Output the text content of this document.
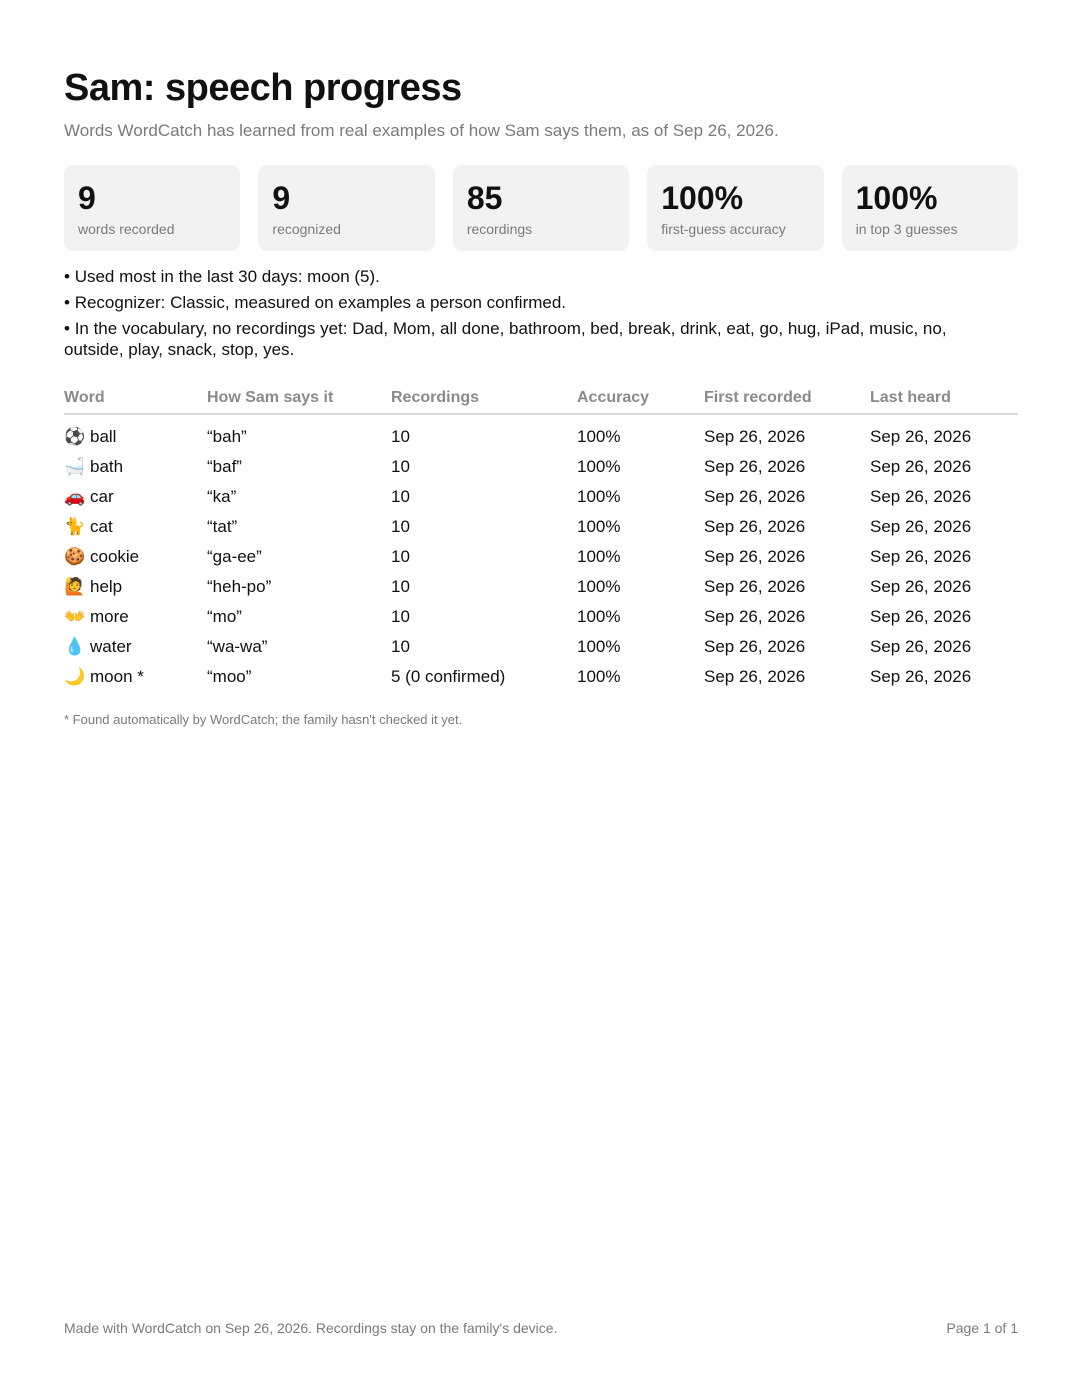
Sam: speech progress

Words WordCatch has learned from real examples of how Sam says them, as of Sep 26, 2026.

9
words recorded
9
recognized
85
recordings
100%
first-guess accuracy
100%
in top 3 guesses
• Used most in the last 30 days: moon (5).
• Recognizer: Classic, measured on examples a person confirmed.
• In the vocabulary, no recordings yet: Dad, Mom, all done, bathroom, bed, break, drink, eat, go, hug, iPad, music, no, outside, play, snack, stop, yes.
Word	How Sam says it	Recordings	Accuracy	First recorded	Last heard
⚽ ball	“bah”	10	100%	Sep 26, 2026	Sep 26, 2026
🛁 bath	“baf”	10	100%	Sep 26, 2026	Sep 26, 2026
🚗 car	“ka”	10	100%	Sep 26, 2026	Sep 26, 2026
🐈 cat	“tat”	10	100%	Sep 26, 2026	Sep 26, 2026
🍪 cookie	“ga-ee”	10	100%	Sep 26, 2026	Sep 26, 2026
🙋 help	“heh-po”	10	100%	Sep 26, 2026	Sep 26, 2026
👐 more	“mo”	10	100%	Sep 26, 2026	Sep 26, 2026
💧 water	“wa-wa”	10	100%	Sep 26, 2026	Sep 26, 2026
🌙 moon *	“moo”	5 (0 confirmed)	100%	Sep 26, 2026	Sep 26, 2026

* Found automatically by WordCatch; the family hasn't checked it yet.

Made with WordCatch on Sep 26, 2026. Recordings stay on the family's device.	Page 1 of 1
